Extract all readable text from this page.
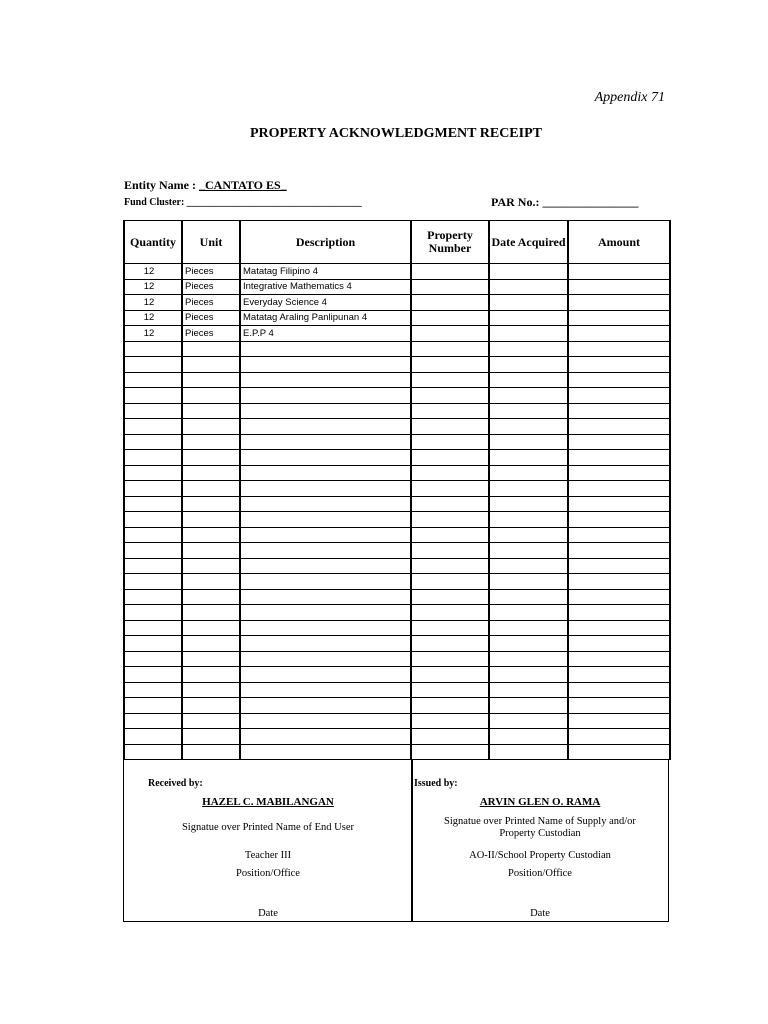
Appendix 71
PROPERTY ACKNOWLEDGMENT RECEIPT
Entity Name : _CANTATO ES_
Fund Cluster: ___________________________________	PAR No.: ________________
Quantity	Unit	Description	Property Number	Date Acquired	Amount
12	Pieces	Matatag Filipino 4			
12	Pieces	Integrative Mathematics 4			
12	Pieces	Everyday Science 4			
12	Pieces	Matatag Araling Panlipunan 4			
12	Pieces	E.P.P 4			

Received by:
HAZEL C. MABILANGAN
Signatue over Printed Name of End User
Teacher III
Position/Office
Date
Issued by:
ARVIN GLEN O. RAMA
Signatue over Printed Name of Supply and/or Property Custodian
AO-II/School Property Custodian
Position/Office
Date
